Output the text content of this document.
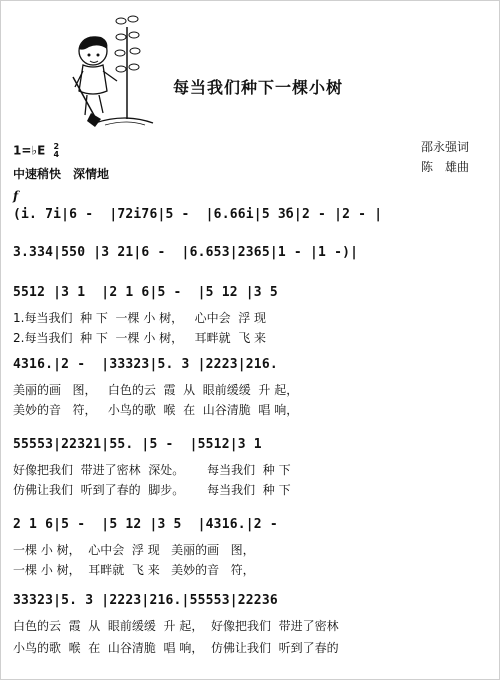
每当我们种下一棵小树
邵永强词
陈　雄曲
1=♭E 2
4
中速稍快　深情地
f
(i. 7i|6 -  |72i76|5 -  |6.66i|5 3б|2 - |2 - |
3.334|550 |3 21|6 -  |6.653|2365|1 - |1 -)|
5512 |3 1  |2 1 6|5 -  |5 12 |3 5
1.每当我们  种 下  一棵 小 树，   心中会  浮 现
2.每当我们  种 下  一棵 小 树，   耳畔就  飞 来
4316.|2 -  |33323|5. 3 |2223|216.
美丽的画   图，   白色的云  霞  从  眼前缓缓  升 起，
美妙的音   符，   小鸟的歌  喉  在  山谷清脆  唱 响，
55553|22321|55. |5 -  |5512|3 1
好像把我们  带进了密林  深处。      每当我们  种 下
仿佛让我们  听到了春的  脚步。      每当我们  种 下
2 1 6|5 -  |5 12 |3 5  |4316.|2 -
一棵 小 树，  心中会  浮 现   美丽的画   图，
一棵 小 树，  耳畔就  飞 来   美妙的音   符，
33323|5. 3 |2223|216.|55553|22236
白色的云  霞  从  眼前缓缓  升 起，  好像把我们  带进了密林
小鸟的歌  喉  在  山谷清脆  唱 响，  仿佛让我们  听到了春的
